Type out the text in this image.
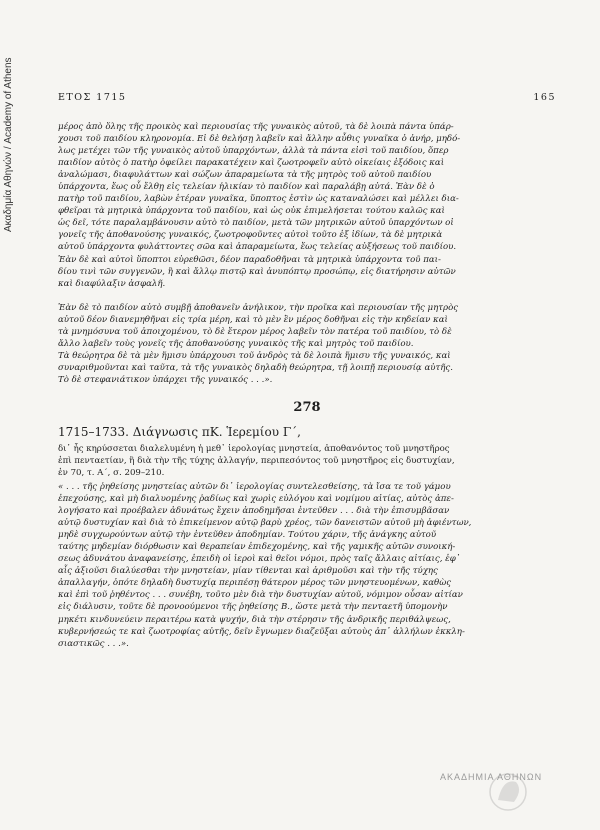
Ακαδημία Αθηνών / Academy of Athens	ΕΤΟΣ 1715	165
μέρος ἀπὸ ὅλης τῆς προικὸς καὶ περιουσίας τῆς γυναικὸς αὐτοῦ, τὰ δὲ λοιπὰ πάντα ὑπάρ-
χουσι τοῦ παιδίου κληρονομία. Εἰ δὲ θελήσῃ λαβεῖν καὶ ἄλλην αὖθις γυναῖκα ὁ ἀνήρ, μηδό-
λως μετέχει τῶν τῆς γυναικὸς αὐτοῦ ὑπαρχόντων, ἀλλὰ τὰ πάντα εἰσὶ τοῦ παιδίου, ὅπερ
παιδίον αὐτὸς ὁ πατὴρ ὀφείλει παρακατέχειν καὶ ζωοτροφεῖν αὐτὸ οἰκείαις ἐξόδοις καὶ
ἀναλώμασι, διαφυλάττων καὶ σώζων ἀπαραμείωτα τὰ τῆς μητρὸς τοῦ αὐτοῦ παιδίου
ὑπάρχοντα, ἕως οὗ ἔλθῃ εἰς τελείαν ἡλικίαν τὸ παιδίον καὶ παραλάβῃ αὐτά. Ἐὰν δὲ ὁ
πατὴρ τοῦ παιδίου, λαβὼν ἑτέραν γυναῖκα, ὕποπτος ἐστὶν ὡς καταναλώσει καὶ μέλλει δια-
φθεῖραι τὰ μητρικὰ ὑπάρχοντα τοῦ παιδίου, καὶ ὡς οὐκ ἐπιμελήσεται τούτου καλῶς καὶ
ὡς δεῖ, τότε παραλαμβάνουσιν αὐτὸ τὸ παιδίον, μετὰ τῶν μητρικῶν αὐτοῦ ὑπαρχόντων οἱ
γονεῖς τῆς ἀποθανούσης γυναικός, ζωοτροφοῦντες αὐτοὶ τοῦτο ἐξ ἰδίων, τὰ δὲ μητρικὰ
αὐτοῦ ὑπάρχοντα φυλάττοντες σῶα καὶ ἀπαραμείωτα, ἕως τελείας αὐξήσεως τοῦ παιδίου.
Ἐὰν δὲ καὶ αὐτοὶ ὕποπτοι εὑρεθῶσι, δέον παραδοθῆναι τὰ μητρικὰ ὑπάρχοντα τοῦ παι-
δίου τινὶ τῶν συγγενῶν, ἢ καὶ ἄλλῳ πιστῷ καὶ ἀνυπόπτῳ προσώπῳ, εἰς διατήρησιν αὐτῶν
καὶ διαφύλαξιν ἀσφαλῆ.
Ἐὰν δὲ τὸ παιδίον αὐτὸ συμβῇ ἀποθανεῖν ἀνήλικον, τὴν προῖκα καὶ περιουσίαν τῆς μητρὸς
αὐτοῦ δέον διανεμηθῆναι εἰς τρία μέρη, καὶ τὸ μὲν ἓν μέρος δοθῆναι εἰς τὴν κηδείαν καὶ
τὰ μνημόσυνα τοῦ ἀποιχομένου, τὸ δὲ ἕτερον μέρος λαβεῖν τὸν πατέρα τοῦ παιδίου, τὸ δὲ
ἄλλο λαβεῖν τοὺς γονεῖς τῆς ἀποθανούσης γυναικὸς τῆς καὶ μητρὸς τοῦ παιδίου.
Τὰ θεώρητρα δὲ τὰ μὲν ἥμισυ ὑπάρχουσι τοῦ ἀνδρὸς τὰ δὲ λοιπὰ ἥμισυ τῆς γυναικός, καὶ
συναριθμοῦνται καὶ ταῦτα, τὰ τῆς γυναικὸς δηλαδὴ θεώρητρα, τῇ λοιπῇ περιουσίᾳ αὐτῆς.
Τὸ δὲ στεφανιάτικον ὑπάρχει τῆς γυναικός . . .».
278
1715–1733. Διάγνωσις πΚ. Ἱερεμίου Γ´,
δι᾽ ἧς κηρύσσεται διαλελυμένη ἡ μεθ᾽ ἱερολογίας μνηστεία, ἀποθανόντος τοῦ μνηστῆρος
ἐπὶ πενταετίαν, ἢ διὰ τὴν τῆς τύχης ἀλλαγήν, περιπεσόντος τοῦ μνηστῆρος εἰς δυστυχίαν,
ἐν 70, τ. Α´, σ. 209–210.
« . . . τῆς ῥηθείσης μνηστείας αὐτῶν δι᾽ ἱερολογίας συντελεσθείσης, τὰ ἴσα τε τοῦ γάμου
ἐπεχούσης, καὶ μὴ διαλυομένης ῥαδίως καὶ χωρὶς εὐλόγου καὶ νομίμου αἰτίας, αὐτὸς ἀπε-
λογήσατο καὶ προέβαλεν ἀδυνάτως ἔχειν ἀποδημῆσαι ἐντεῦθεν . . . διὰ τὴν ἐπισυμβᾶσαν
αὐτῷ δυστυχίαν καὶ διὰ τὸ ἐπικείμενον αὐτῷ βαρὺ χρέος, τῶν δανειστῶν αὐτοῦ μὴ ἀφιέντων,
μηδὲ συγχωρούντων αὐτῷ τὴν ἐντεῦθεν ἀποδημίαν. Τούτου χάριν, τῆς ἀνάγκης αὐτοῦ
ταύτης μηδεμίαν διόρθωσιν καὶ θεραπείαν ἐπιδεχομένης, καὶ τῆς γαμικῆς αὐτῶν συνοική-
σεως ἀδυνάτου ἀναφανείσης, ἐπειδὴ οἱ ἱεροὶ καὶ θεῖοι νόμοι, πρὸς ταῖς ἄλλαις αἰτίαις, ἐφ᾽
αἷς ἀξιοῦσι διαλύεσθαι τὴν μνηστείαν, μίαν τίθενται καὶ ἀριθμοῦσι καὶ τὴν τῆς τύχης
ἀπαλλαγήν, ὁπότε δηλαδὴ δυστυχίᾳ περιπέσῃ θάτερον μέρος τῶν μνηστευομένων, καθὼς
καὶ ἐπὶ τοῦ ῥηθέντος . . . συνέβη, τοῦτο μὲν διὰ τὴν δυστυχίαν αὐτοῦ, νόμιμον οὖσαν αἰτίαν
εἰς διάλυσιν, τοῦτε δὲ προνοούμενοι τῆς ῥηθείσης Β., ὥστε μετὰ τὴν πενταετῆ ὑπομονὴν
μηκέτι κινδυνεύειν περαιτέρω κατὰ ψυχήν, διὰ τὴν στέρησιν τῆς ἀνδρικῆς περιθάλψεως,
κυβερνήσεώς τε καὶ ζωοτροφίας αὐτῆς, δεῖν ἔγνωμεν διαζεῦξαι αὐτοὺς ἀπ᾽ ἀλλήλων ἐκκλη-
σιαστικῶς . . .».
ΑΚΑΔΗΜΙΑ ΑΘΗΝΩΝ
